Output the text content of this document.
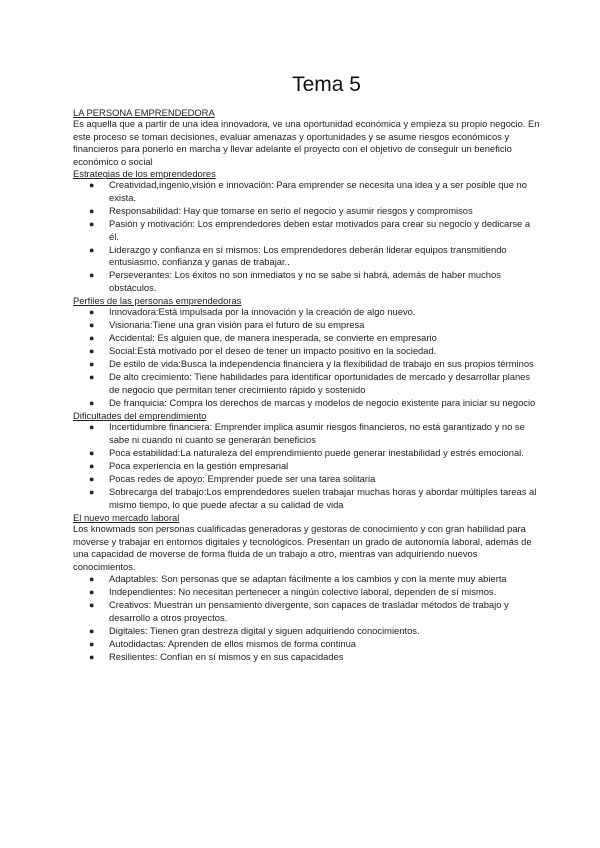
Tema 5

LA PERSONA EMPRENDEDORA

Es aquella que a partir de una idea innovadora, ve una oportunidad económica y empieza su propio negocio. En este proceso se toman decisiones, evaluar amenazas y oportunidades y se asume riesgos económicos y financieros para ponerlo en marcha y llevar adelante el proyecto con el objetivo de conseguir un beneficio económico o social

Estrategias de los emprendedores

● Creatividad,ingenio,visión e innovación: Para emprender se necesita una idea y a ser posible que no exista.
● Responsabilidad: Hay que tomarse en serio el negocio y asumir riesgos y compromisos
● Pasión y motivación: Los emprendedores deben estar motivados para crear su negocio y dedicarse a él.
● Liderazgo y confianza en sí mismos: Los emprendedores deberán liderar equipos transmitiendo entusiasmo. confianza y ganas de trabajar..
● Perseverantes: Los éxitos no son inmediatos y no se sabe si habrá, además de haber muchos obstáculos.

Perfiles de las personas emprendedoras

● Innovadora:Está impulsada por la innovación y la creación de algo nuevo.
● Visionaria:Tiene una gran visión para el futuro de su empresa
● Accidental: Es alguien que, de manera inesperada, se convierte en empresario
● Social:Está motivado por el deseo de tener un impacto positivo en la sociedad.
● De estilo de vida:Busca la independencia financiera y la flexibilidad de trabajo en sus propios términos
● De alto crecimiento: Tiene habilidades para identificar oportunidades de mercado y desarrollar planes de negocio que permitan tener crecimiento rápido y sostenido
● De franquicia: Compra los derechos de marcas y modelos de negocio existente para iniciar su negocio

Dificultades del emprendimiento

● Incertidumbre financiera: Emprender implica asumir riesgos financieros, no está garantizado y no se sabe ni cuando ni cuanto se generarán beneficios
● Poca estabilidad:La naturaleza del emprendimiento puede generar inestabilidad y estrés emocional.
● Poca experiencia en la gestión empresarial
● Pocas redes de apoyo: Emprender puede ser una tarea solitaria
● Sobrecarga del trabajo:Los emprendedores suelen trabajar muchas horas y abordar múltiples tareas al mismo tiempo, lo que puede afectar a su calidad de vida

El nuevo mercado laboral

Los knowmads son personas cualificadas generadoras y gestoras de conocimiento y con gran habilidad para moverse y trabajar en entornos digitales y tecnológicos. Presentan un grado de autonomía laboral, además de una capacidad de moverse de forma fluida de un trabajo a otro, mientras van adquiriendo nuevos conocimientos.

● Adaptables: Son personas que se adaptan fácilmente a los cambios y con la mente muy abierta
● Independientes: No necesitan pertenecer a ningún colectivo laboral, dependen de sí mismos.
● Creativos: Muestran un pensamiento divergente, son capaces de trasladar métodos de trabajo y desarrollo a otros proyectos.
● Digitales: Tienen gran destreza digital y siguen adquiriendo conocimientos.
● Autodidactas: Aprenden de ellos mismos de forma continua
● Resilientes: Confían en sí mismos y en sus capacidades
